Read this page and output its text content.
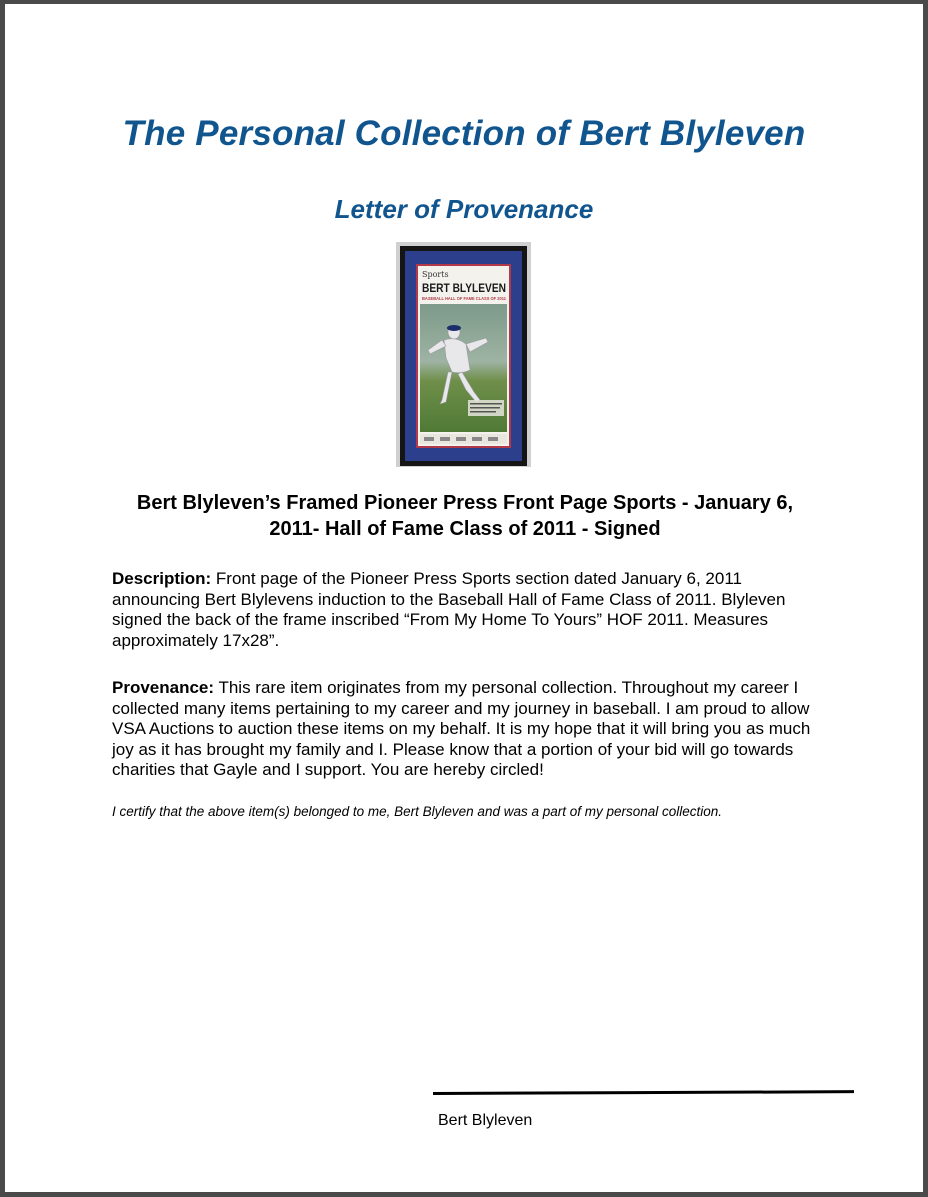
The Personal Collection of Bert Blyleven
Letter of Provenance
Sports
BERT BLYLEVEN
BASEBALL HALL OF FAME CLASS OF 2011
Bert Blyleven’s Framed Pioneer Press Front Page Sports - January 6,
2011- Hall of Fame Class of 2011 - Signed

Description: Front page of the Pioneer Press Sports section dated January 6, 2011 announcing Bert Blylevens induction to the Baseball Hall of Fame Class of 2011. Blyleven signed the back of the frame inscribed “From My Home To Yours” HOF 2011. Measures approximately 17x28”.

Provenance: This rare item originates from my personal collection. Throughout my career I collected many items pertaining to my career and my journey in baseball. I am proud to allow VSA Auctions to auction these items on my behalf. It is my hope that it will bring you as much joy as it has brought my family and I. Please know that a portion of your bid will go towards charities that Gayle and I support. You are hereby circled!

I certify that the above item(s) belonged to me, Bert Blyleven and was a part of my personal collection.

Bert Blyleven
